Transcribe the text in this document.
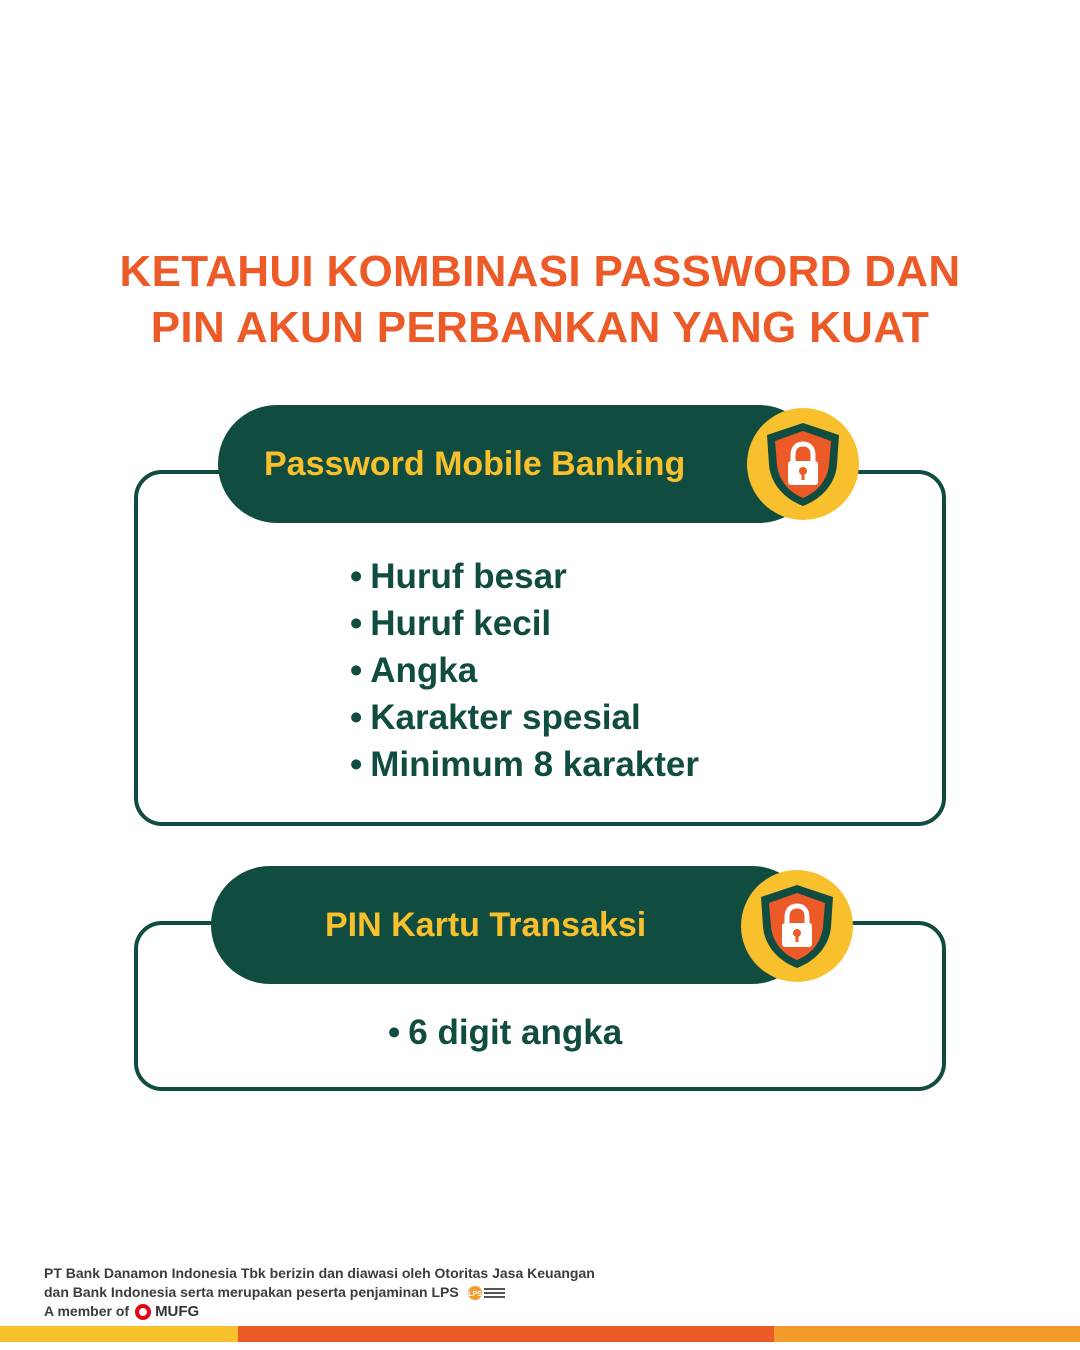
KETAHUI KOMBINASI PASSWORD DAN
PIN AKUN PERBANKAN YANG KUAT
Password Mobile Banking
• Huruf besar
• Huruf kecil
• Angka
• Karakter spesial
• Minimum 8 karakter
PIN Kartu Transaksi
• 6 digit angka
PT Bank Danamon Indonesia Tbk berizin dan diawasi oleh Otoritas Jasa Keuangan
dan Bank Indonesia serta merupakan peserta penjaminan LPS LPS
A member of MUFG
